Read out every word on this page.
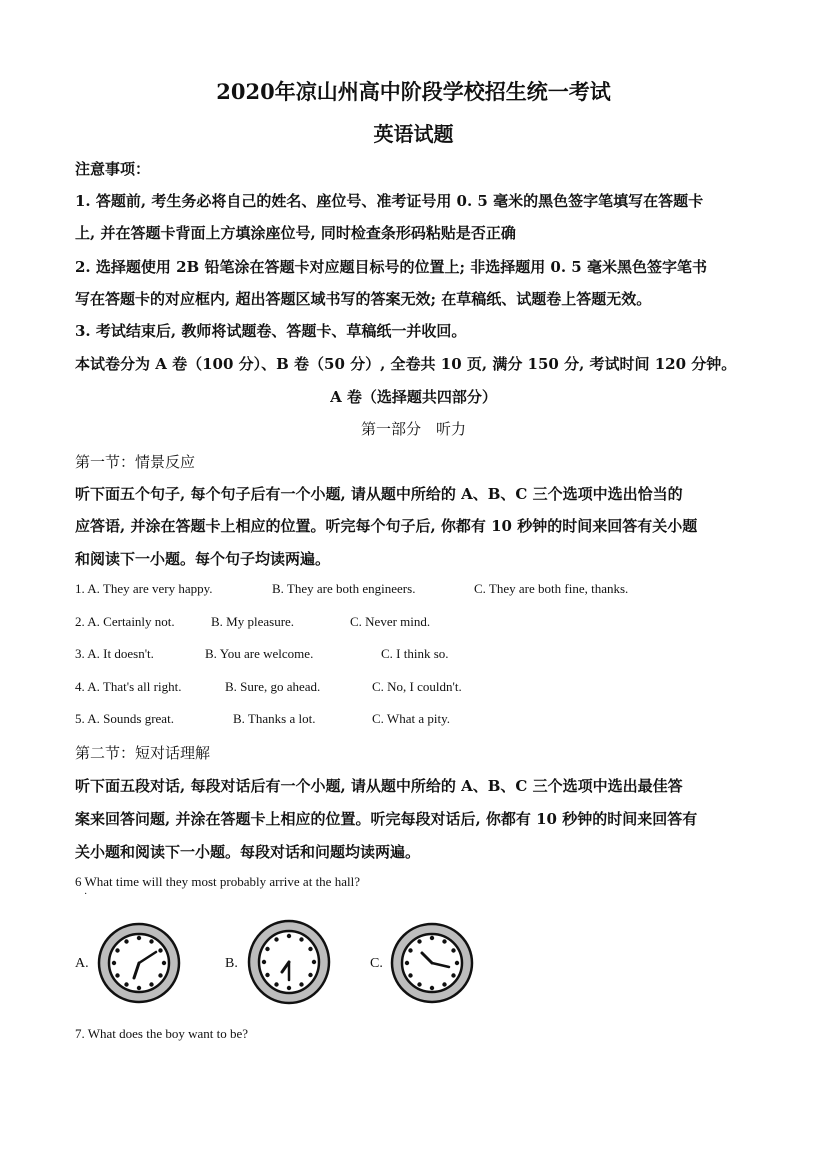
2020年凉山州高中阶段学校招生统一考试
英语试题
注意事项：
1. 答题前, 考生务必将自己的姓名、座位号、准考证号用 0. 5 毫米的黑色签字笔填写在答题卡
上, 并在答题卡背面上方填涂座位号, 同时检查条形码粘贴是否正确
2. 选择题使用 2B 铅笔涂在答题卡对应题目标号的位置上; 非选择题用 0. 5 毫米黑色签字笔书
写在答题卡的对应框内, 超出答题区域书写的答案无效; 在草稿纸、试题卷上答题无效。
3. 考试结束后, 教师将试题卷、答题卡、草稿纸一并收回。
本试卷分为 A 卷（100 分）、B 卷（50 分）, 全卷共 10 页, 满分 150 分, 考试时间 120 分钟。
A 卷（选择题共四部分）
第一部分　听力
第一节：情景反应
听下面五个句子, 每个句子后有一个小题, 请从题中所给的 A、B、C 三个选项中选出恰当的
应答语, 并涂在答题卡上相应的位置。听完每个句子后, 你都有 10 秒钟的时间来回答有关小题
和阅读下一小题。每个句子均读两遍。
1. A. They are very happy.	B. They are both engineers.	C. They are both fine, thanks.
2. A. Certainly not.	B. My pleasure.	C. Never mind.
3. A. It doesn't.	B. You are welcome.	C. I think so.
4. A. That's all right.	B. Sure, go ahead.	C. No, I couldn't.
5. A. Sounds great.	B. Thanks a lot.	C. What a pity.
第二节：短对话理解
听下面五段对话, 每段对话后有一个小题, 请从题中所给的 A、B、C 三个选项中选出最佳答
案来回答问题, 并涂在答题卡上相应的位置。听完每段对话后, 你都有 10 秒钟的时间来回答有
关小题和阅读下一小题。每段对话和问题均读两遍。
6 What time will they most probably arrive at the hall?
·
A.	B.	C.
7. What does the boy want to be?
